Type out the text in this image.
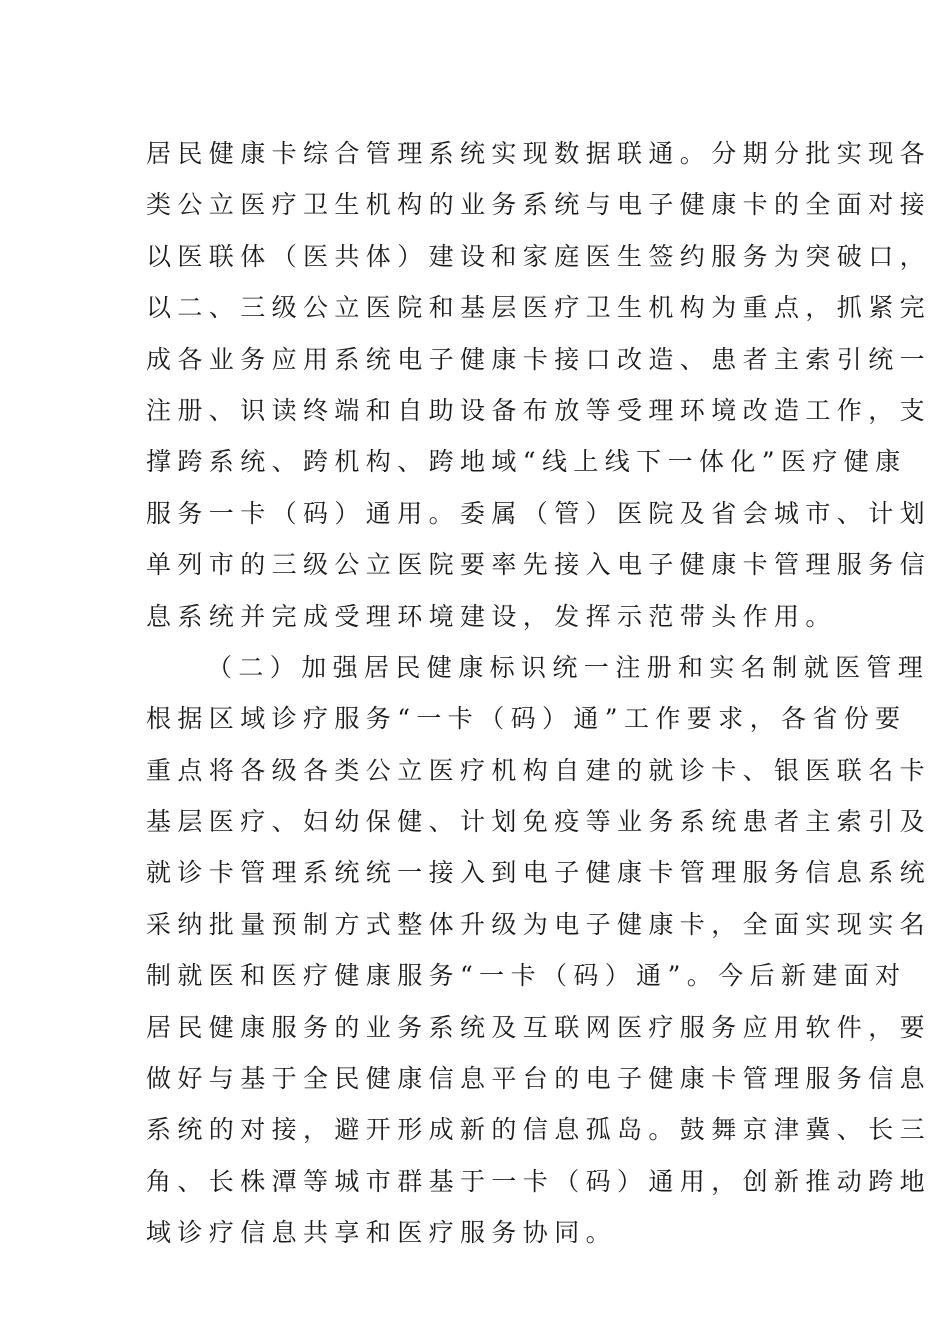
居民健康卡综合管理系统实现数据联通。分期分批实现各
类公立医疗卫生机构的业务系统与电子健康卡的全面对接
以医联体（医共体）建设和家庭医生签约服务为突破口，
以二、三级公立医院和基层医疗卫生机构为重点，抓紧完
成各业务应用系统电子健康卡接口改造、患者主索引统一
注册、识读终端和自助设备布放等受理环境改造工作，支
撑跨系统、跨机构、跨地域“线上线下一体化”医疗健康
服务一卡（码）通用。委属（管）医院及省会城市、计划
单列市的三级公立医院要率先接入电子健康卡管理服务信
息系统并完成受理环境建设，发挥示范带头作用。
（二）加强居民健康标识统一注册和实名制就医管理
根据区域诊疗服务“一卡（码）通”工作要求，各省份要
重点将各级各类公立医疗机构自建的就诊卡、银医联名卡
基层医疗、妇幼保健、计划免疫等业务系统患者主索引及
就诊卡管理系统统一接入到电子健康卡管理服务信息系统
采纳批量预制方式整体升级为电子健康卡，全面实现实名
制就医和医疗健康服务“一卡（码）通”。今后新建面对
居民健康服务的业务系统及互联网医疗服务应用软件，要
做好与基于全民健康信息平台的电子健康卡管理服务信息
系统的对接，避开形成新的信息孤岛。鼓舞京津冀、长三
角、长株潭等城市群基于一卡（码）通用，创新推动跨地
域诊疗信息共享和医疗服务协同。
